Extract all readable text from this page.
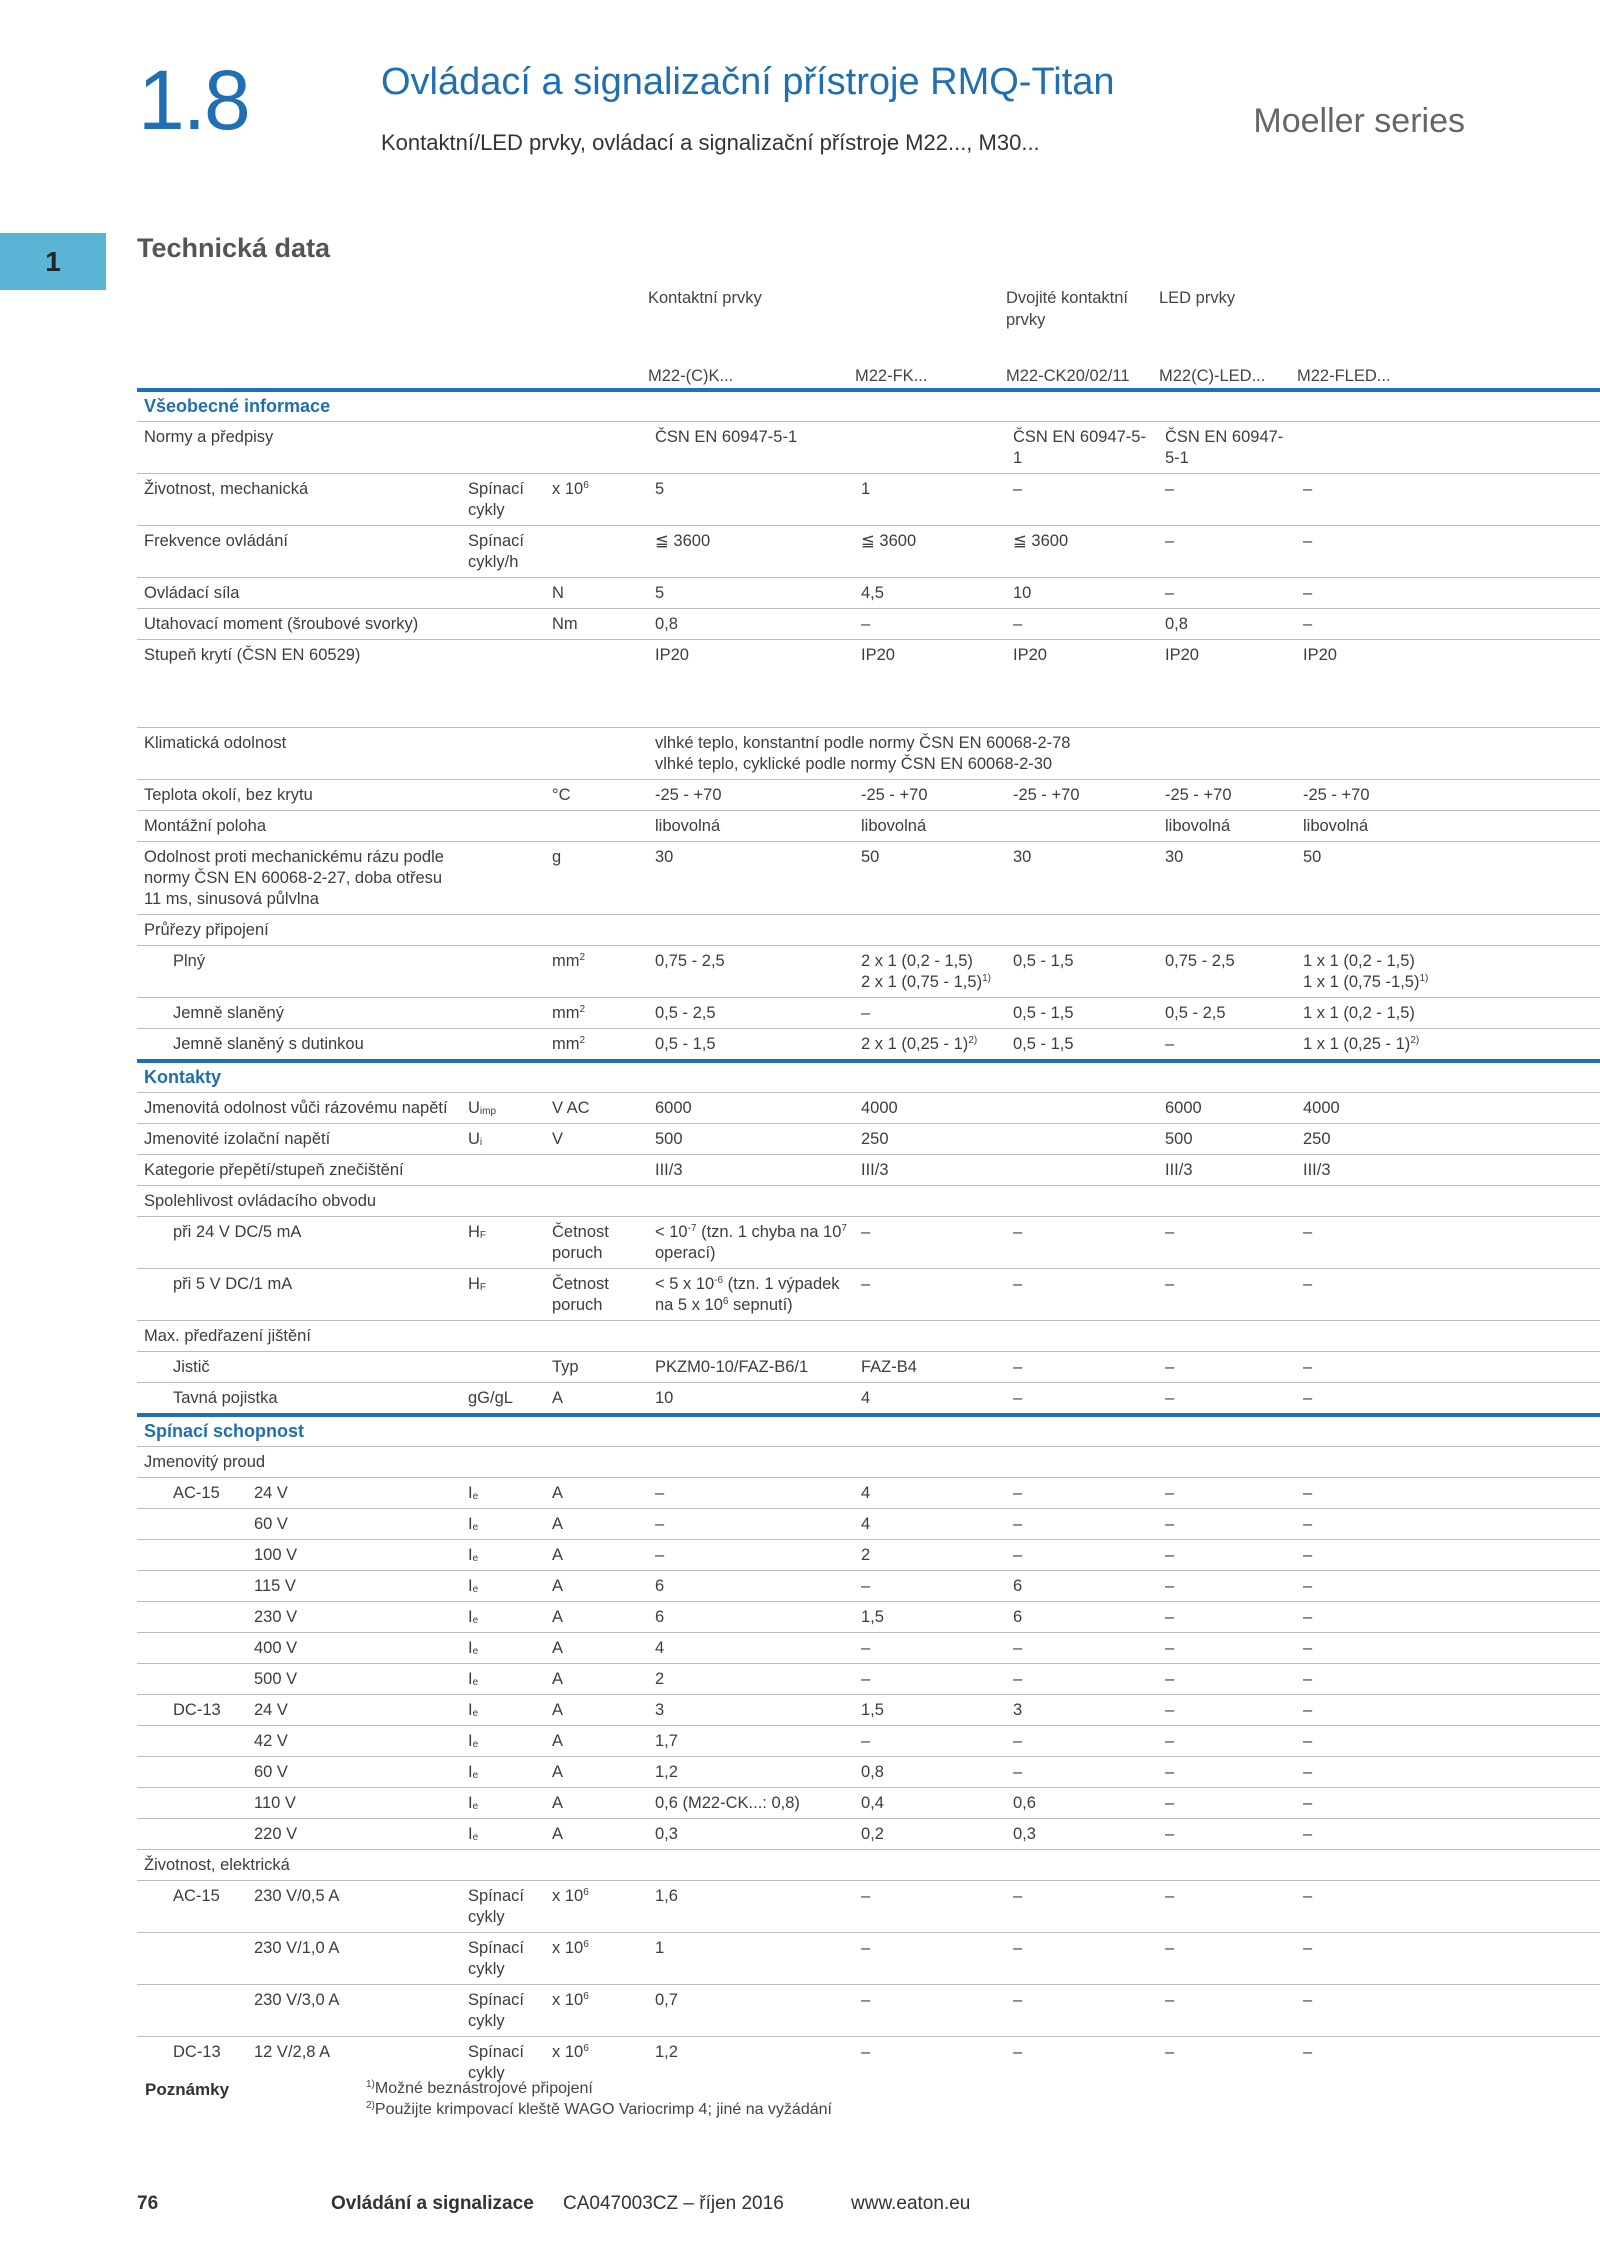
1.8	Ovládací a signalizační přístroje RMQ-Titan
Kontaktní/LED prvky, ovládací a signalizační přístroje M22..., M30...
Moeller series
1	Technická data
Kontaktní prvky	Dvojité kontaktní
prvky
LED prvky
M22-(C)K...	M22-FK...	M22-CK20/02/11 M22(C)-LED... M22-FLED...
Všeobecné informace								
Normy a předpisy				ČSN EN 60947-5-1		ČSN EN 60947-5-1	ČSN EN 60947-5-1	
Životnost, mechanická		Spínací cykly	x $10^6$	5	1	–	–	–
Frekvence ovládání		Spínací cykly/h		≦ 3600	≦ 3600	≦ 3600	–	–
Ovládací síla			N	5	4,5	10	–	–
Utahovací moment (šroubové svorky)			Nm	0,8	–	–	0,8	–
Stupeň krytí (ČSN EN 60529)				IP20	IP20	IP20	IP20	IP20

Klimatická odolnost				vlhké teplo, konstantní podle normy ČSN EN 60068-2-78
vlhké teplo, cyklické podle normy ČSN EN 60068-2-30				
Teplota okolí, bez krytu			°C	-25 - +70	-25 - +70	-25 - +70	-25 - +70	-25 - +70
Montážní poloha				libovolná	libovolná		libovolná	libovolná
Odolnost proti mechanickému rázu podle normy ČSN EN 60068-2-27, doba otřesu 11 ms, sinusová půlvlna			g	30	50	30	30	50
Průřezy připojení								
Plný			$mm^2$	0,75 - 2,5	2 x 1 (0,2 - 1,5)
2 x 1 (0,75 - 1,5)$^{1)}$	0,5 - 1,5	0,75 - 2,5	1 x 1 (0,2 - 1,5)
1 x 1 (0,75 -1,5)$^{1)}$
Jemně slaněný			$mm^2$	0,5 - 2,5	–	0,5 - 1,5	0,5 - 2,5	1 x 1 (0,2 - 1,5)
Jemně slaněný s dutinkou			$mm^2$	0,5 - 1,5	2 x 1 (0,25 - 1)$^{2)}$	0,5 - 1,5	–	1 x 1 (0,25 - 1)$^{2)}$
Kontakty								
Jmenovitá odolnost vůči rázovému napětí		$U_{imp}$	V AC	6000	4000		6000	4000
Jmenovité izolační napětí		$U_i$	V	500	250		500	250
Kategorie přepětí/stupeň znečištění				III/3	III/3		III/3	III/3
Spolehlivost ovládacího obvodu								
při 24 V DC/5 mA		$H_F$	Četnost poruch	< $10^{-7}$ (tzn. 1 chyba na $10^7$ operací)	–	–	–	–
při 5 V DC/1 mA		$H_F$	Četnost poruch	< 5 x $10^{-6}$ (tzn. 1 výpadek na 5 x $10^6$ sepnutí)	–	–	–	–
Max. předřazení jištění								
Jistič			Typ	PKZM0-10/FAZ-B6/1	FAZ-B4	–	–	–
Tavná pojistka		gG/gL	A	10	4	–	–	–
Spínací schopnost								
Jmenovitý proud								
AC-15	24 V	$I_e$	A	–	4	–	–	–
	60 V	$I_e$	A	–	4	–	–	–
	100 V	$I_e$	A	–	2	–	–	–
	115 V	$I_e$	A	6	–	6	–	–
	230 V	$I_e$	A	6	1,5	6	–	–
	400 V	$I_e$	A	4	–	–	–	–
	500 V	$I_e$	A	2	–	–	–	–
DC-13	24 V	$I_e$	A	3	1,5	3	–	–
	42 V	$I_e$	A	1,7	–	–	–	–
	60 V	$I_e$	A	1,2	0,8	–	–	–
	110 V	$I_e$	A	0,6 (M22-CK...: 0,8)	0,4	0,6	–	–
	220 V	$I_e$	A	0,3	0,2	0,3	–	–
Životnost, elektrická								
AC-15	230 V/0,5 A	Spínací cykly	x $10^6$	1,6	–	–	–	–
	230 V/1,0 A	Spínací cykly	x $10^6$	1	–	–	–	–
	230 V/3,0 A	Spínací cykly	x $10^6$	0,7	–	–	–	–
DC-13	12 V/2,8 A	Spínací cykly	x $10^6$	1,2	–	–	–	–
Poznámky	$^{1)}$Možné beznástrojové připojení
$^{2)}$Použijte krimpovací kleště WAGO Variocrimp 4; jiné na vyžádání
76	Ovládání a signalizace CA047003CZ – říjen 2016	www.eaton.eu
